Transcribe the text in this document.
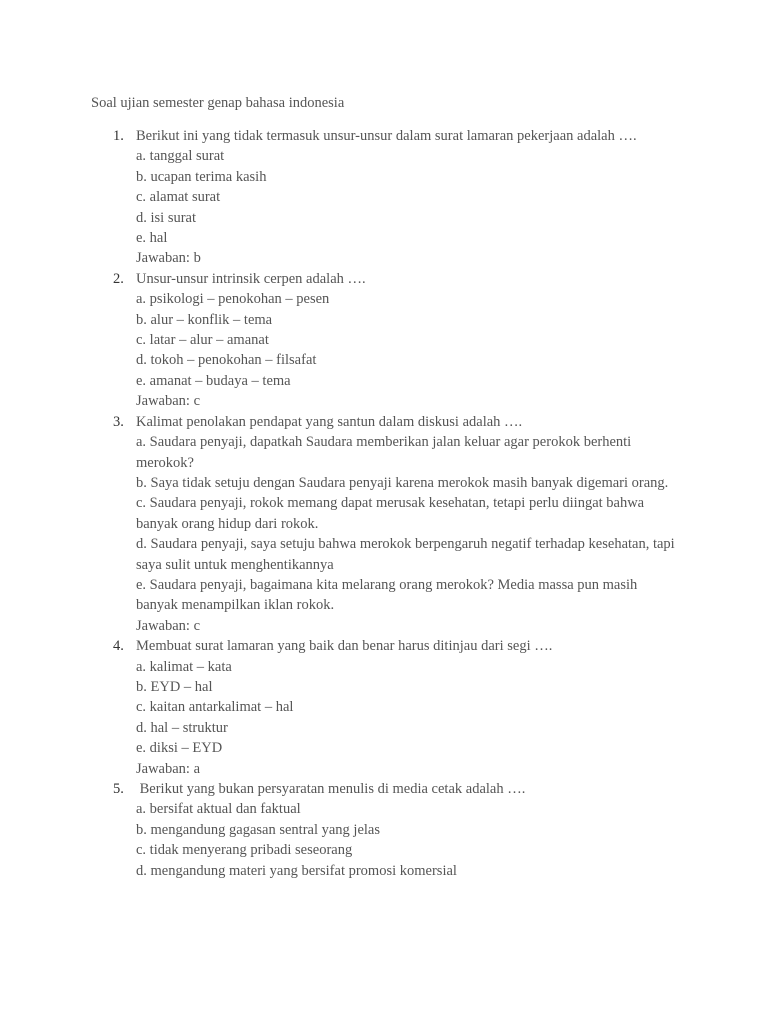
Soal ujian semester genap bahasa indonesia
1. Berikut ini yang tidak termasuk unsur-unsur dalam surat lamaran pekerjaan adalah ….
a. tanggal surat
b. ucapan terima kasih
c. alamat surat
d. isi surat
e. hal
Jawaban: b
2. Unsur-unsur intrinsik cerpen adalah ….
a. psikologi – penokohan – pesen
b. alur – konflik – tema
c. latar – alur – amanat
d. tokoh – penokohan – filsafat
e. amanat – budaya – tema
Jawaban: c
3. Kalimat penolakan pendapat yang santun dalam diskusi adalah ….
a. Saudara penyaji, dapatkah Saudara memberikan jalan keluar agar perokok berhenti merokok?
b. Saya tidak setuju dengan Saudara penyaji karena merokok masih banyak digemari orang.
c. Saudara penyaji, rokok memang dapat merusak kesehatan, tetapi perlu diingat bahwa banyak orang hidup dari rokok.
d. Saudara penyaji, saya setuju bahwa merokok berpengaruh negatif terhadap kesehatan, tapi saya sulit untuk menghentikannya
e. Saudara penyaji, bagaimana kita melarang orang merokok? Media massa pun masih banyak menampilkan iklan rokok.
Jawaban: c
4. Membuat surat lamaran yang baik dan benar harus ditinjau dari segi ….
a. kalimat – kata
b. EYD – hal
c. kaitan antarkalimat – hal
d. hal – struktur
e. diksi – EYD
Jawaban: a
5. Berikut yang bukan persyaratan menulis di media cetak adalah ….
a. bersifat aktual dan faktual
b. mengandung gagasan sentral yang jelas
c. tidak menyerang pribadi seseorang
d. mengandung materi yang bersifat promosi komersial
